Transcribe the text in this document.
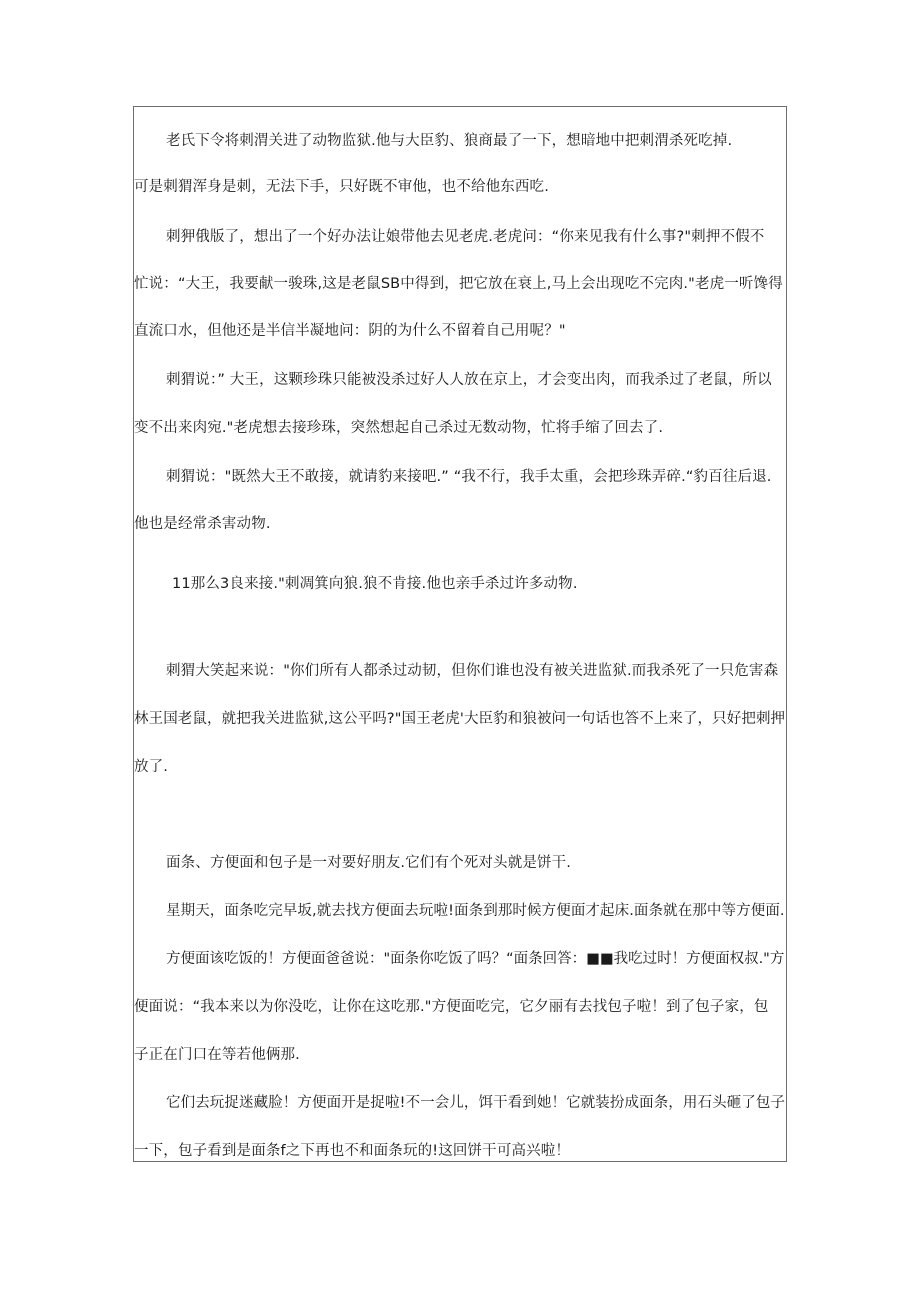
老氏下令将刺渭关进了动物监狱.他与大臣豹、狼商最了一下，想暗地中把刺渭杀死吃掉.
可是刺猬浑身是刺，无法下手，只好既不审他，也不给他东西吃.
刺狎俄版了，想出了一个好办法让娘带他去见老虎.老虎问：“你来见我有什么事?"刺押不假不
忙说：“大王，我要献一骏珠,这是老鼠SB中得到，把它放在衰上,马上会出现吃不完肉."老虎一听馋得
直流口水，但他还是半信半凝地问：阴的为什么不留着自己用呢？"
刺猬说：” 大王，这颗珍珠只能被没杀过好人人放在京上，才会变出肉，而我杀过了老鼠，所以
变不出来肉宛."老虎想去接珍珠，突然想起自己杀过无数动物，忙将手缩了回去了.
刺猬说："既然大王不敢接，就请豹来接吧.” “我不行，我手太重，会把珍珠弄碎.“豹百往后退.
他也是经常杀害动物.
11那么3良来接."刺凋箕向狼.狼不肯接.他也亲手杀过许多动物.
刺猬大笑起来说："你们所有人都杀过动韧，但你们谁也没有被关进监狱.而我杀死了一只危害森
林王国老鼠，就把我关进监狱,这公平吗?"国王老虎'大臣豹和狼被问一句话也答不上来了，只好把刺押
放了.
面条、方便面和包子是一对要好朋友.它们有个死对头就是饼干.
星期天，面条吃完早坂,就去找方便面去玩啦!面条到那时候方便面才起床.面条就在那中等方便面.
方便面该吃饭的！方便面爸爸说："面条你吃饭了吗？“面条回答：■■我吃过时！方便面权叔."方
便面说：“我本来以为你没吃，让你在这吃那."方便面吃完，它夕丽有去找包子啦！到了包子家，包
子正在门口在等若他俩那.
它们去玩捉迷藏脸！方便面开是捉啦!不一会儿，饵干看到她！它就装扮成面条，用石头砸了包子
一下，包子看到是面条f之下再也不和面条玩的!这回饼干可高兴啦！
